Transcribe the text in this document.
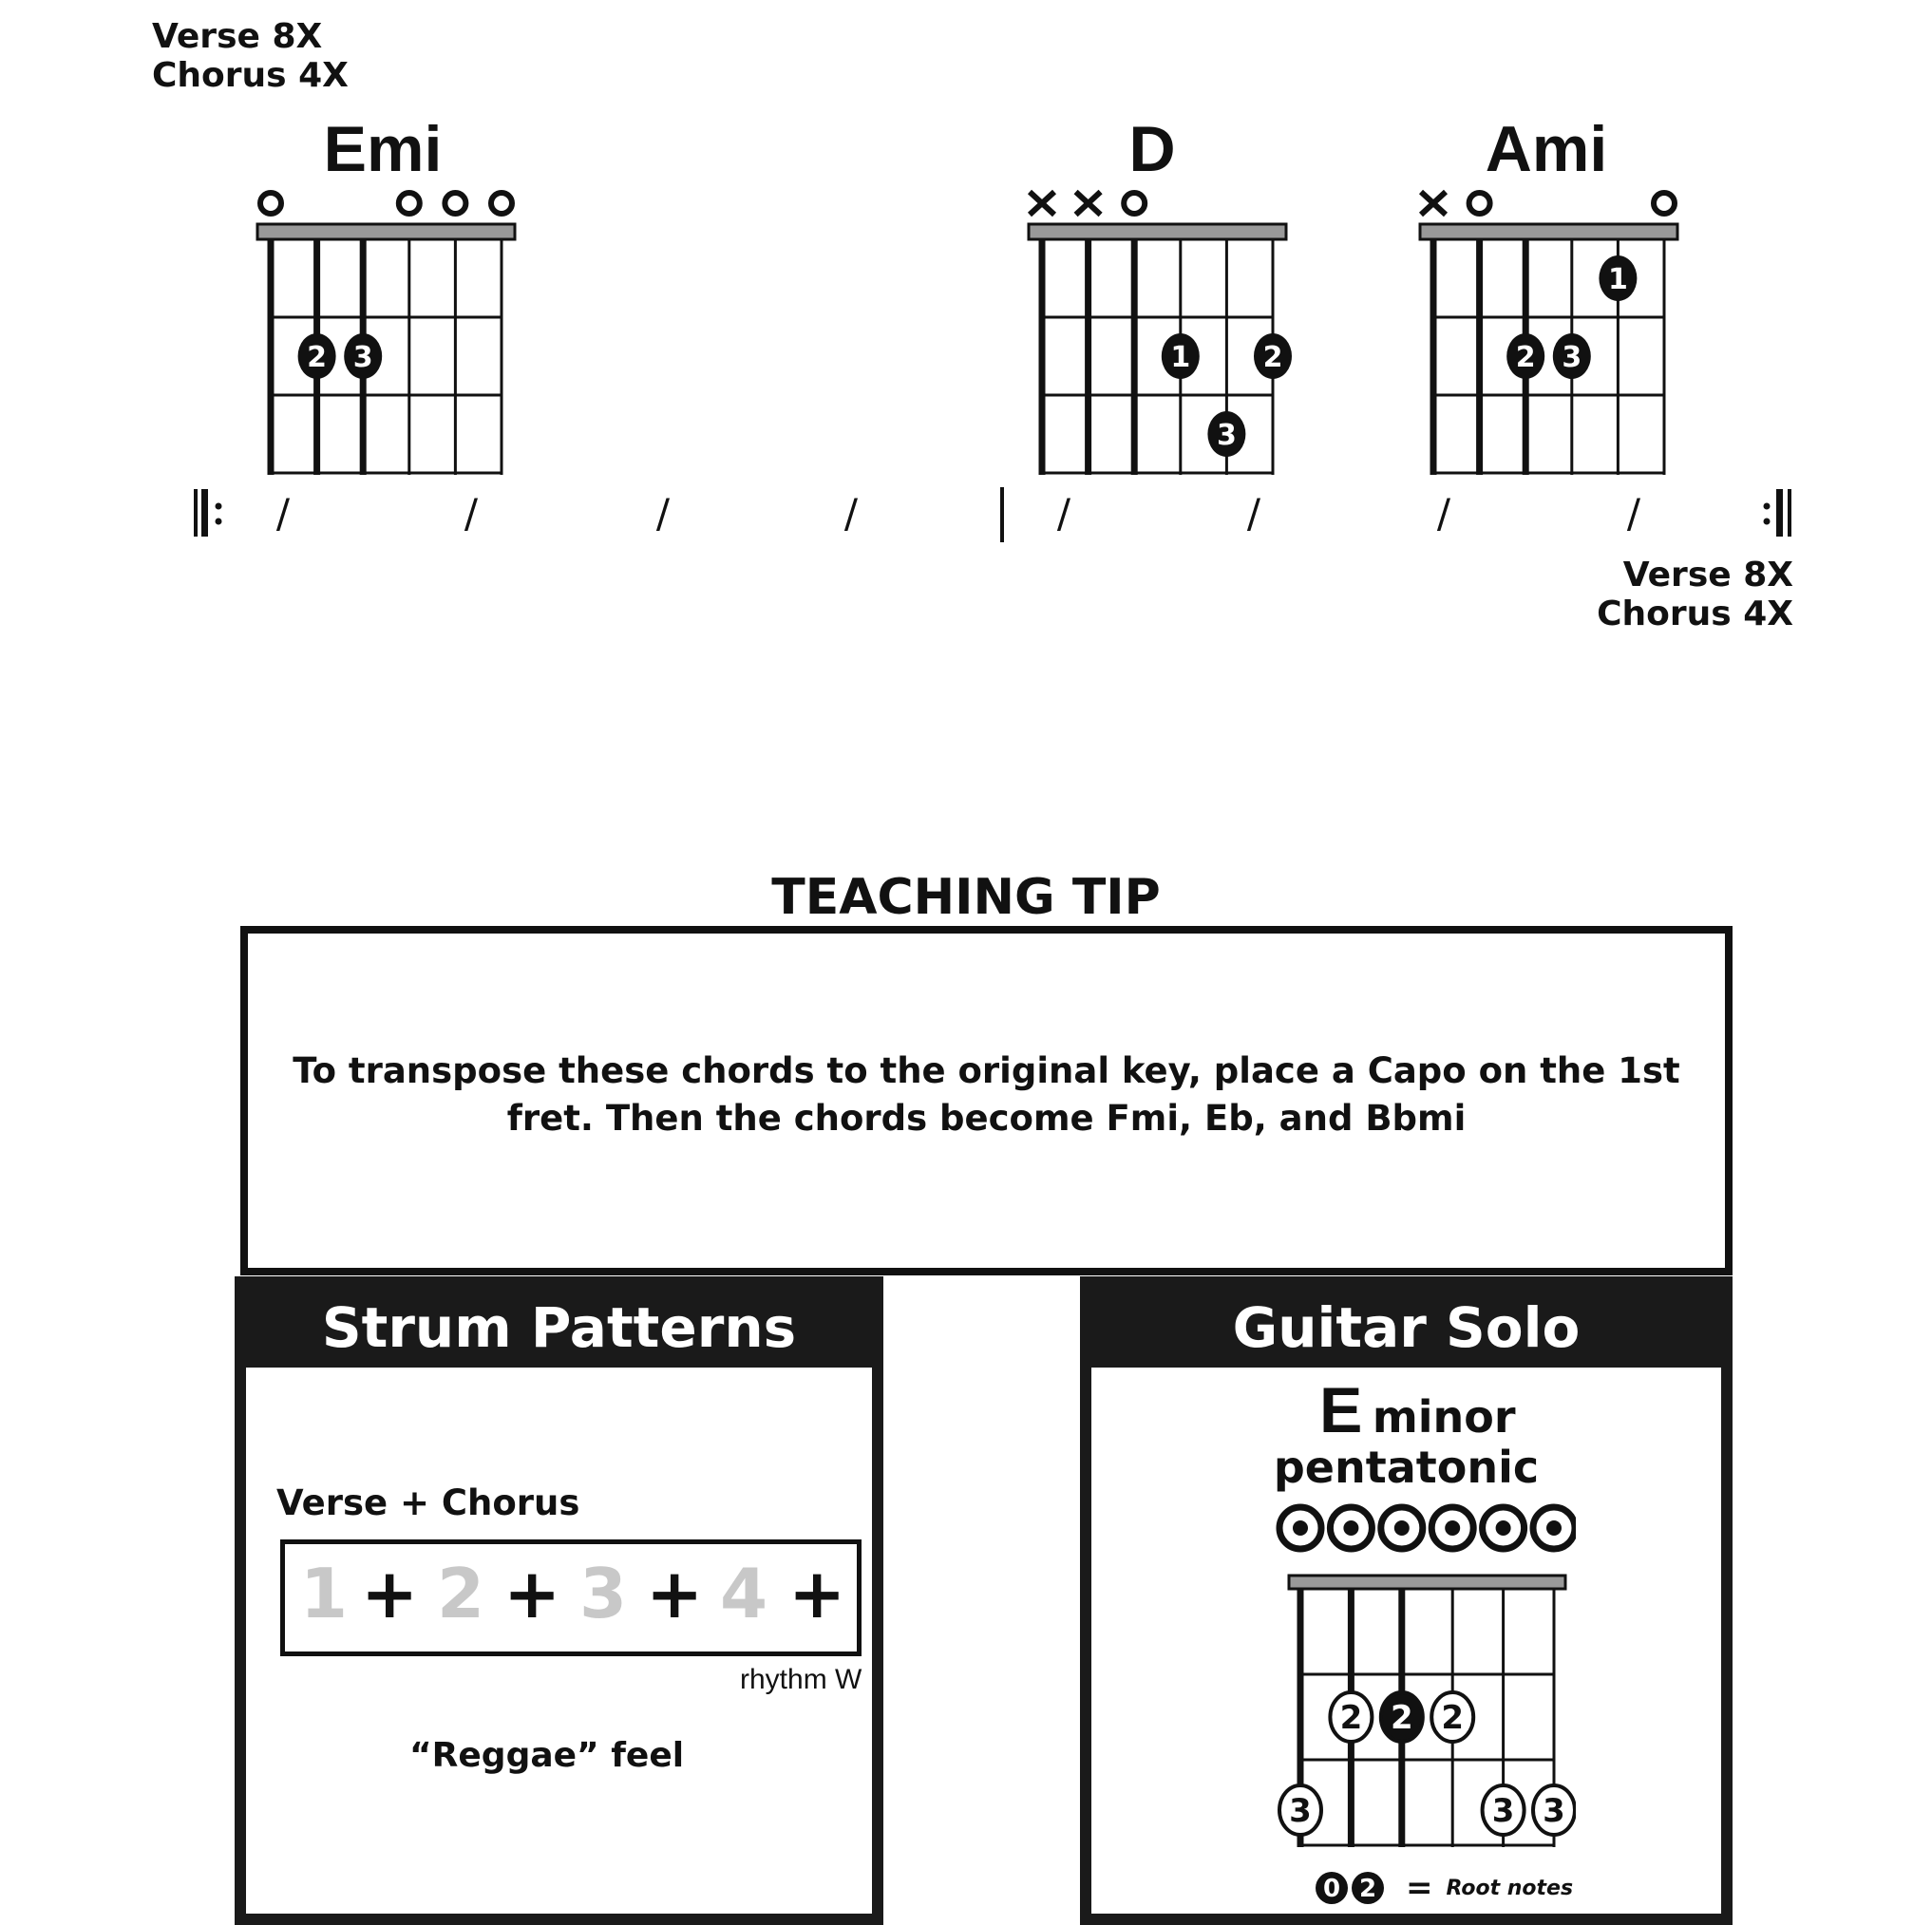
Verse 8X
Chorus 4X
Emi	D	Ami
2 3	1	2
3
1
2 3
/	/	/	/	/	/	/	/
Verse 8X
Chorus 4X
TEACHING TIP
To transpose these chords to the original key, place a Capo on the 1st
fret. Then the chords become Fmi, Eb, and Bbmi
Strum Patterns
Verse + Chorus
1 + 2 + 3 + 4 +
rhythm W
“Reggae” feel
Guitar Solo
E minor
pentatonic
2 2 2
3	3 3
0 2 = Root notes
